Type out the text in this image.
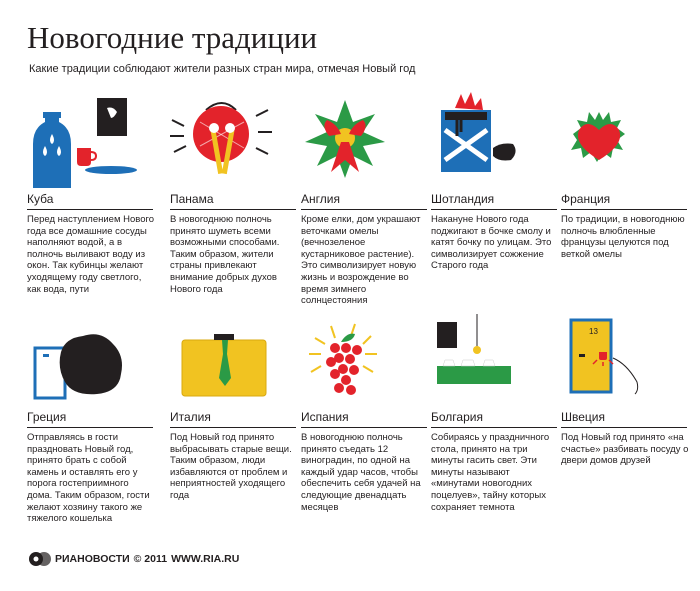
Новогодние традиции
Какие традиции соблюдают жители разных стран мира, отмечая Новый год
Куба
Перед наступлением Нового года все домашние сосуды наполняют водой, а в полночь выливают воду из окон. Так кубинцы желают уходящему году светлого, как вода, пути
Панама
В новогоднюю полночь принято шуметь всеми возможными способами. Таким образом, жители страны привлекают внимание добрых духов Нового года
Англия
Кроме елки, дом украшают веточками омелы (вечнозеленое кустарниковое растение). Это символизирует новую жизнь и возрождение во время зимнего солнцестояния
Шотландия
Накануне Нового года поджигают в бочке смолу и катят бочку по улицам. Это символизирует сожжение Старого года
Франция
По традиции, в новогоднюю полночь влюбленные французы целуются под веткой омелы
Греция
Отправляясь в гости праздновать Новый год, принято брать с собой камень и оставлять его у порога гостеприимного дома. Таким образом, гости желают хозяину такого же тяжелого кошелька
Италия
Под Новый год принято выбрасывать старые вещи. Таким образом, люди избавляются от проблем и неприятностей уходящего года
Испания
В новогоднюю полночь принято съедать 12 виноградин, по одной на каждый удар часов, чтобы обеспечить себя удачей на следующие двенадцать месяцев
Болгария
Собираясь у праздничного стола, принято на три минуты гасить свет. Эти минуты называют «минутами новогодних поцелуев», тайну которых сохраняет темнота
13
Швеция
Под Новый год принято «на счастье» разбивать посуду о двери домов друзей
РИАНОВОСТИ © 2011 WWW.RIA.RU
